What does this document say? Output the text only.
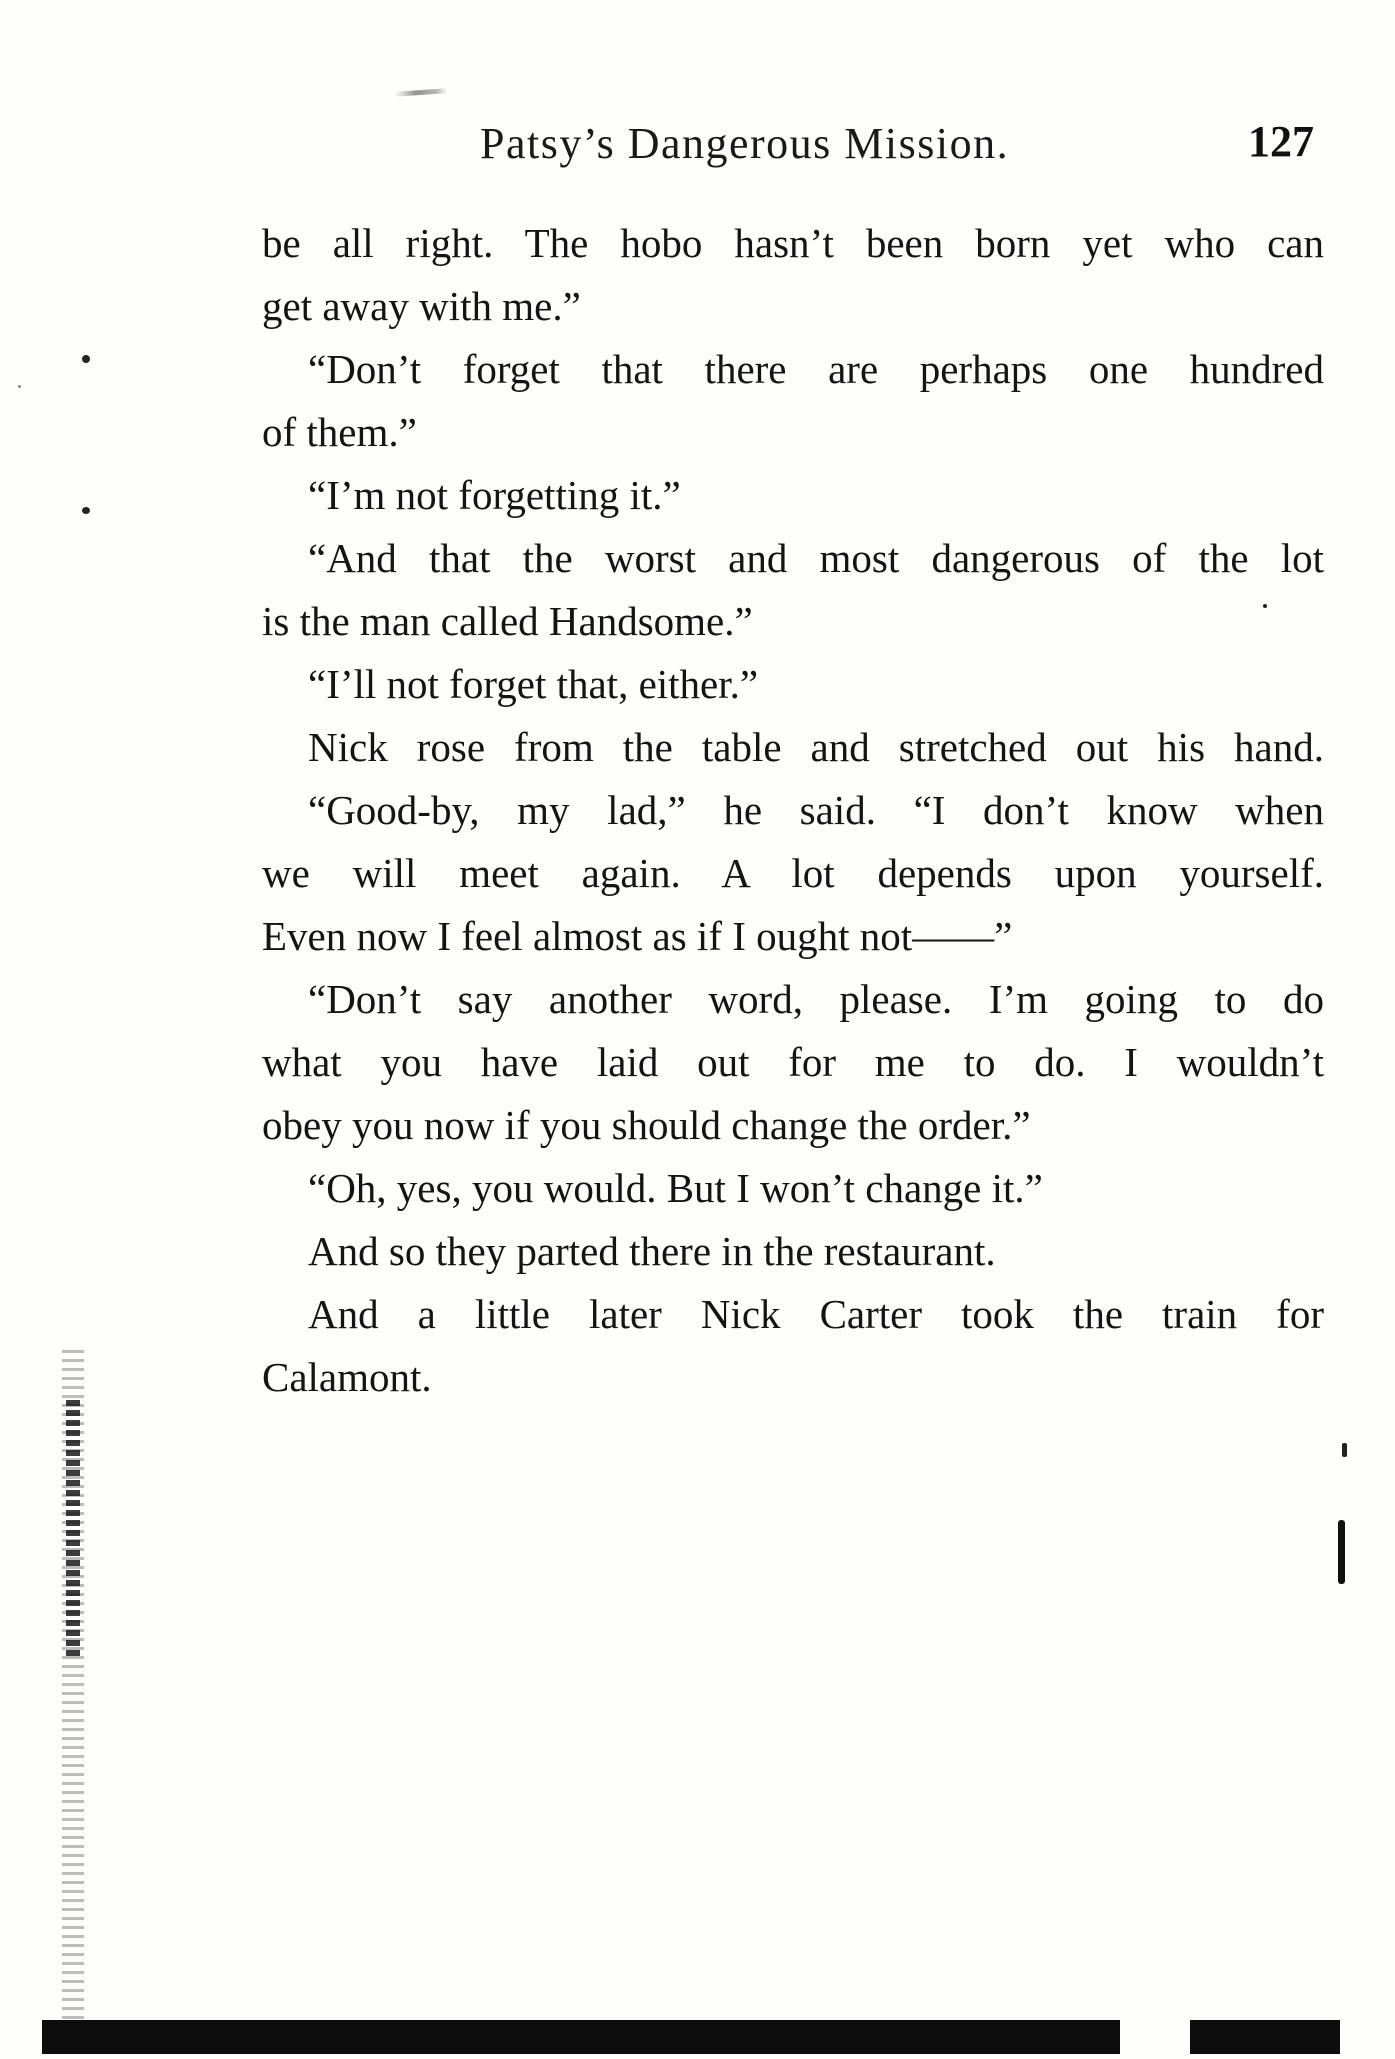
Patsy’s Dangerous Mission.	127
be all right. The hobo hasn’t been born yet who can
get away with me.”
“Don’t forget that there are perhaps one hundred
of them.”
“I’m not forgetting it.”
“And that the worst and most dangerous of the lot
is the man called Handsome.”
“I’ll not forget that, either.”
Nick rose from the table and stretched out his hand.
“Good-by, my lad,” he said. “I don’t know when
we will meet again. A lot depends upon yourself.
Even now I feel almost as if I ought not——”
“Don’t say another word, please. I’m going to do
what you have laid out for me to do. I wouldn’t
obey you now if you should change the order.”
“Oh, yes, you would. But I won’t change it.”
And so they parted there in the restaurant.
And a little later Nick Carter took the train for
Calamont.
